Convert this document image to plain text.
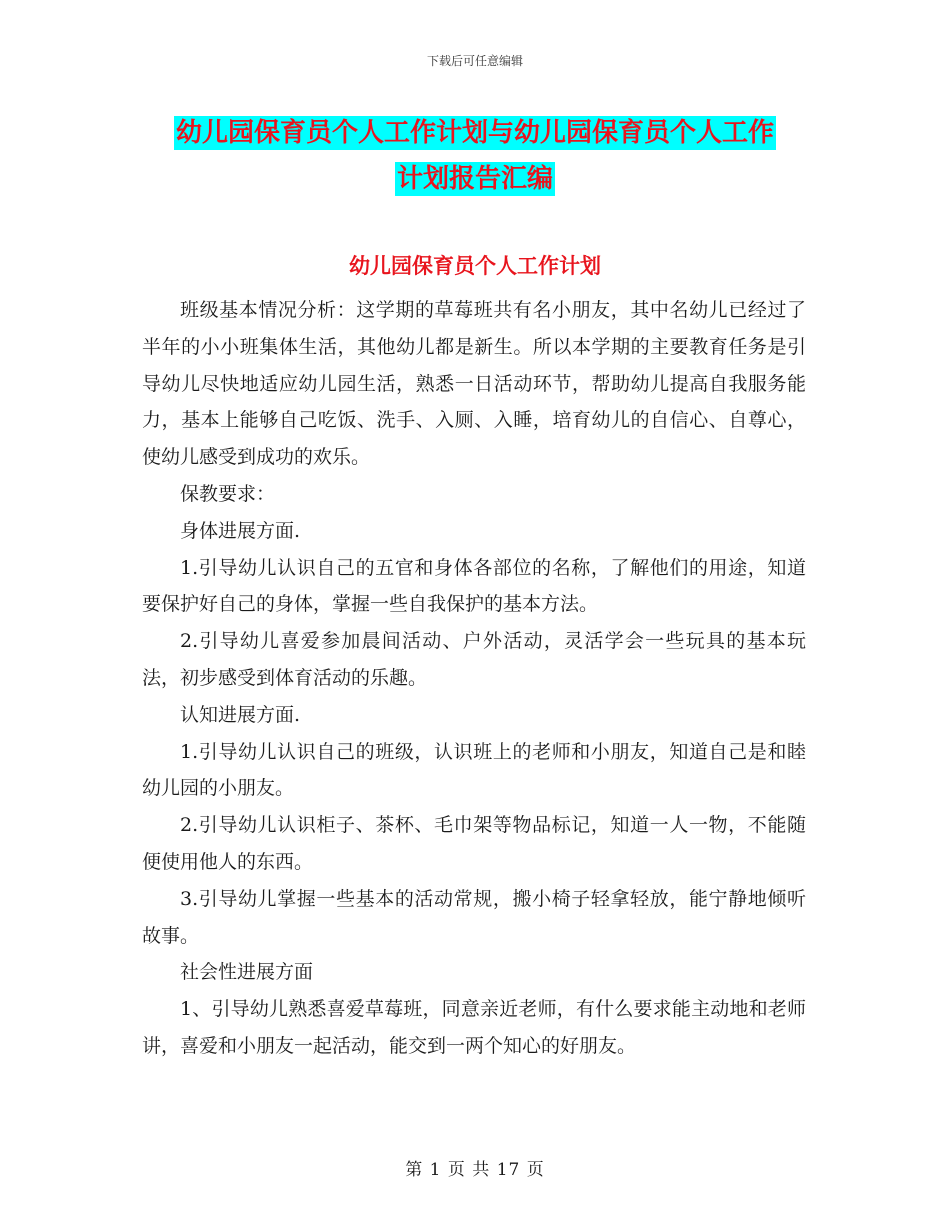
下载后可任意编辑
幼儿园保育员个人工作计划与幼儿园保育员个人工作
计划报告汇编
幼儿园保育员个人工作计划

班级基本情况分析：这学期的草莓班共有名小朋友，其中名幼儿已经过了半年的小小班集体生活，其他幼儿都是新生。所以本学期的主要教育任务是引导幼儿尽快地适应幼儿园生活，熟悉一日活动环节，帮助幼儿提高自我服务能力，基本上能够自己吃饭、洗手、入厕、入睡，培育幼儿的自信心、自尊心，使幼儿感受到成功的欢乐。

保教要求：

身体进展方面.

1.引导幼儿认识自己的五官和身体各部位的名称，了解他们的用途，知道要保护好自己的身体，掌握一些自我保护的基本方法。

2.引导幼儿喜爱参加晨间活动、户外活动，灵活学会一些玩具的基本玩法，初步感受到体育活动的乐趣。

认知进展方面.

1.引导幼儿认识自己的班级，认识班上的老师和小朋友，知道自己是和睦幼儿园的小朋友。

2.引导幼儿认识柜子、茶杯、毛巾架等物品标记，知道一人一物，不能随便使用他人的东西。

3.引导幼儿掌握一些基本的活动常规，搬小椅子轻拿轻放，能宁静地倾听故事。

社会性进展方面

1、引导幼儿熟悉喜爱草莓班，同意亲近老师，有什么要求能主动地和老师讲，喜爱和小朋友一起活动，能交到一两个知心的好朋友。

第 1 页 共 17 页
